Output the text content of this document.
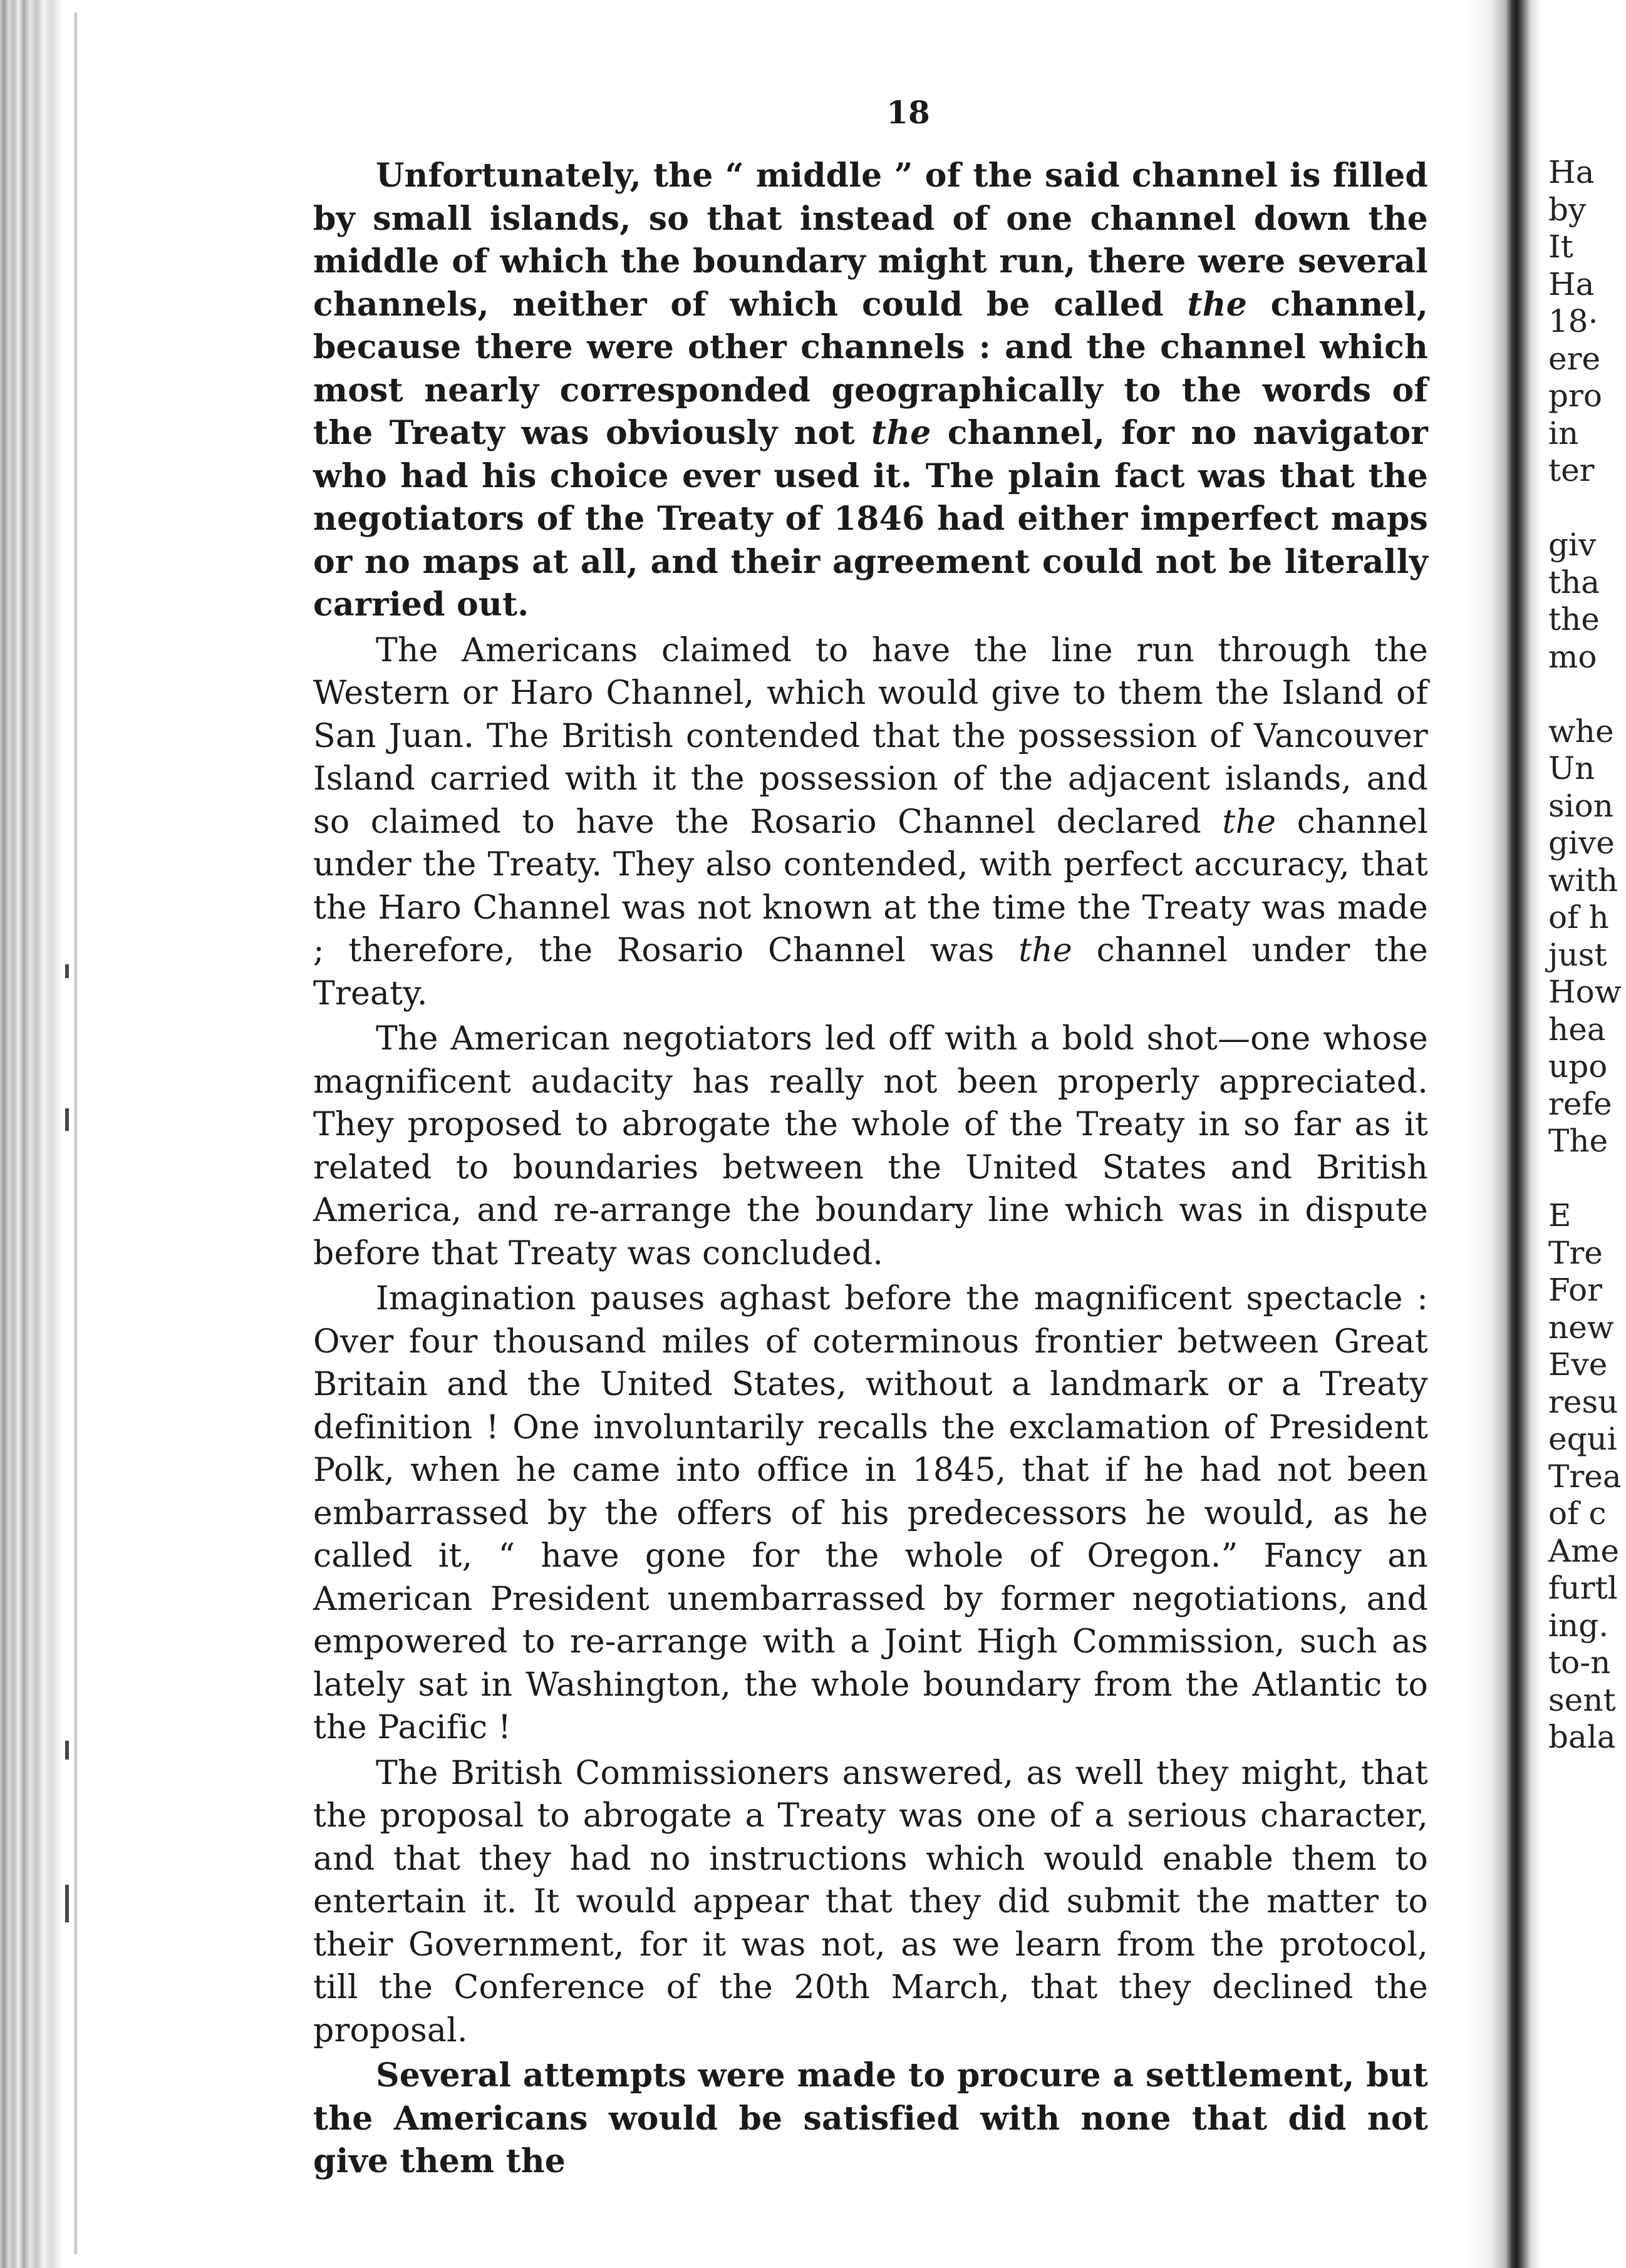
18

Unfortunately, the “ middle ” of the said channel is filled by small islands, so that instead of one channel down the middle of which the boundary might run, there were several channels, neither of which could be called the channel, because there were other channels : and the channel which most nearly corresponded geographically to the words of the Treaty was obviously not the channel, for no navigator who had his choice ever used it. The plain fact was that the negotiators of the Treaty of 1846 had either imperfect maps or no maps at all, and their agreement could not be literally carried out.

The Americans claimed to have the line run through the Western or Haro Channel, which would give to them the Island of San Juan. The British contended that the possession of Vancouver Island carried with it the possession of the adjacent islands, and so claimed to have the Rosario Channel declared the channel under the Treaty. They also contended, with perfect accuracy, that the Haro Channel was not known at the time the Treaty was made ; therefore, the Rosario Channel was the channel under the Treaty.

The American negotiators led off with a bold shot—one whose magnificent audacity has really not been properly appreciated. They proposed to abrogate the whole of the Treaty in so far as it related to boundaries between the United States and British America, and re-arrange the boundary line which was in dispute before that Treaty was concluded.

Imagination pauses aghast before the magnificent spectacle : Over four thousand miles of coterminous frontier between Great Britain and the United States, without a landmark or a Treaty definition ! One involuntarily recalls the exclamation of President Polk, when he came into office in 1845, that if he had not been embarrassed by the offers of his predecessors he would, as he called it, “ have gone for the whole of Oregon.” Fancy an American President unembarrassed by former negotiations, and empowered to re-arrange with a Joint High Commission, such as lately sat in Washington, the whole boundary from the Atlantic to the Pacific !

The British Commissioners answered, as well they might, that the proposal to abrogate a Treaty was one of a serious character, and that they had no instructions which would enable them to entertain it. It would appear that they did submit the matter to their Government, for it was not, as we learn from the protocol, till the Conference of the 20th March, that they declined the proposal.

Several attempts were made to procure a settlement, but the Americans would be satisfied with none that did not give them the

Ha
by
It
Ha
18·
ere
pro
in
ter
giv
tha
the
mo
whe
Un
sion
give
with
of h
just
How
hea
upo
refe
The
E
Tre
For
new
Eve
resu
equi
Trea
of c
Ame
furtl
ing.
to-n
sent
bala
